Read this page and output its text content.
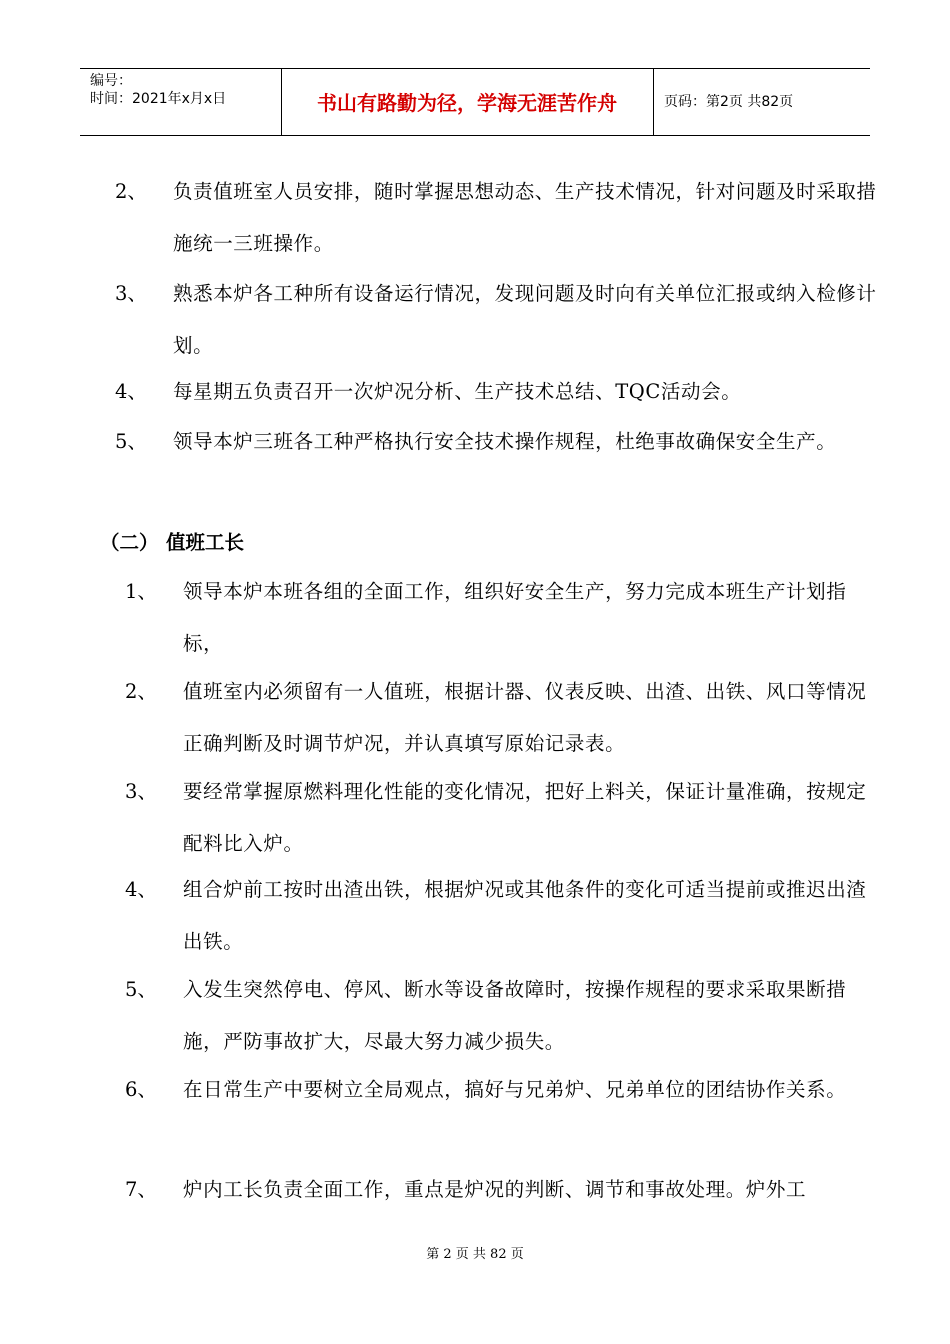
编号：
时间：2021年x月x日	书山有路勤为径，学海无涯苦作舟	页码：第2页 共82页
2、 负责值班室人员安排，随时掌握思想动态、生产技术情况，针对问题及时采取措施统一三班操作。
3、 熟悉本炉各工种所有设备运行情况，发现问题及时向有关单位汇报或纳入检修计划。
4、 每星期五负责召开一次炉况分析、生产技术总结、TQC活动会。
5、 领导本炉三班各工种严格执行安全技术操作规程，杜绝事故确保安全生产。
（二） 值班工长
1、 领导本炉本班各组的全面工作，组织好安全生产，努力完成本班生产计划指标，
2、 值班室内必须留有一人值班，根据计器、仪表反映、出渣、出铁、风口等情况正确判断及时调节炉况，并认真填写原始记录表。
3、 要经常掌握原燃料理化性能的变化情况，把好上料关，保证计量准确，按规定配料比入炉。
4、 组合炉前工按时出渣出铁，根据炉况或其他条件的变化可适当提前或推迟出渣出铁。
5、 入发生突然停电、停风、断水等设备故障时，按操作规程的要求采取果断措施，严防事故扩大，尽最大努力减少损失。
6、 在日常生产中要树立全局观点，搞好与兄弟炉、兄弟单位的团结协作关系。
7、 炉内工长负责全面工作，重点是炉况的判断、调节和事故处理。炉外工
第 2 页 共 82 页
